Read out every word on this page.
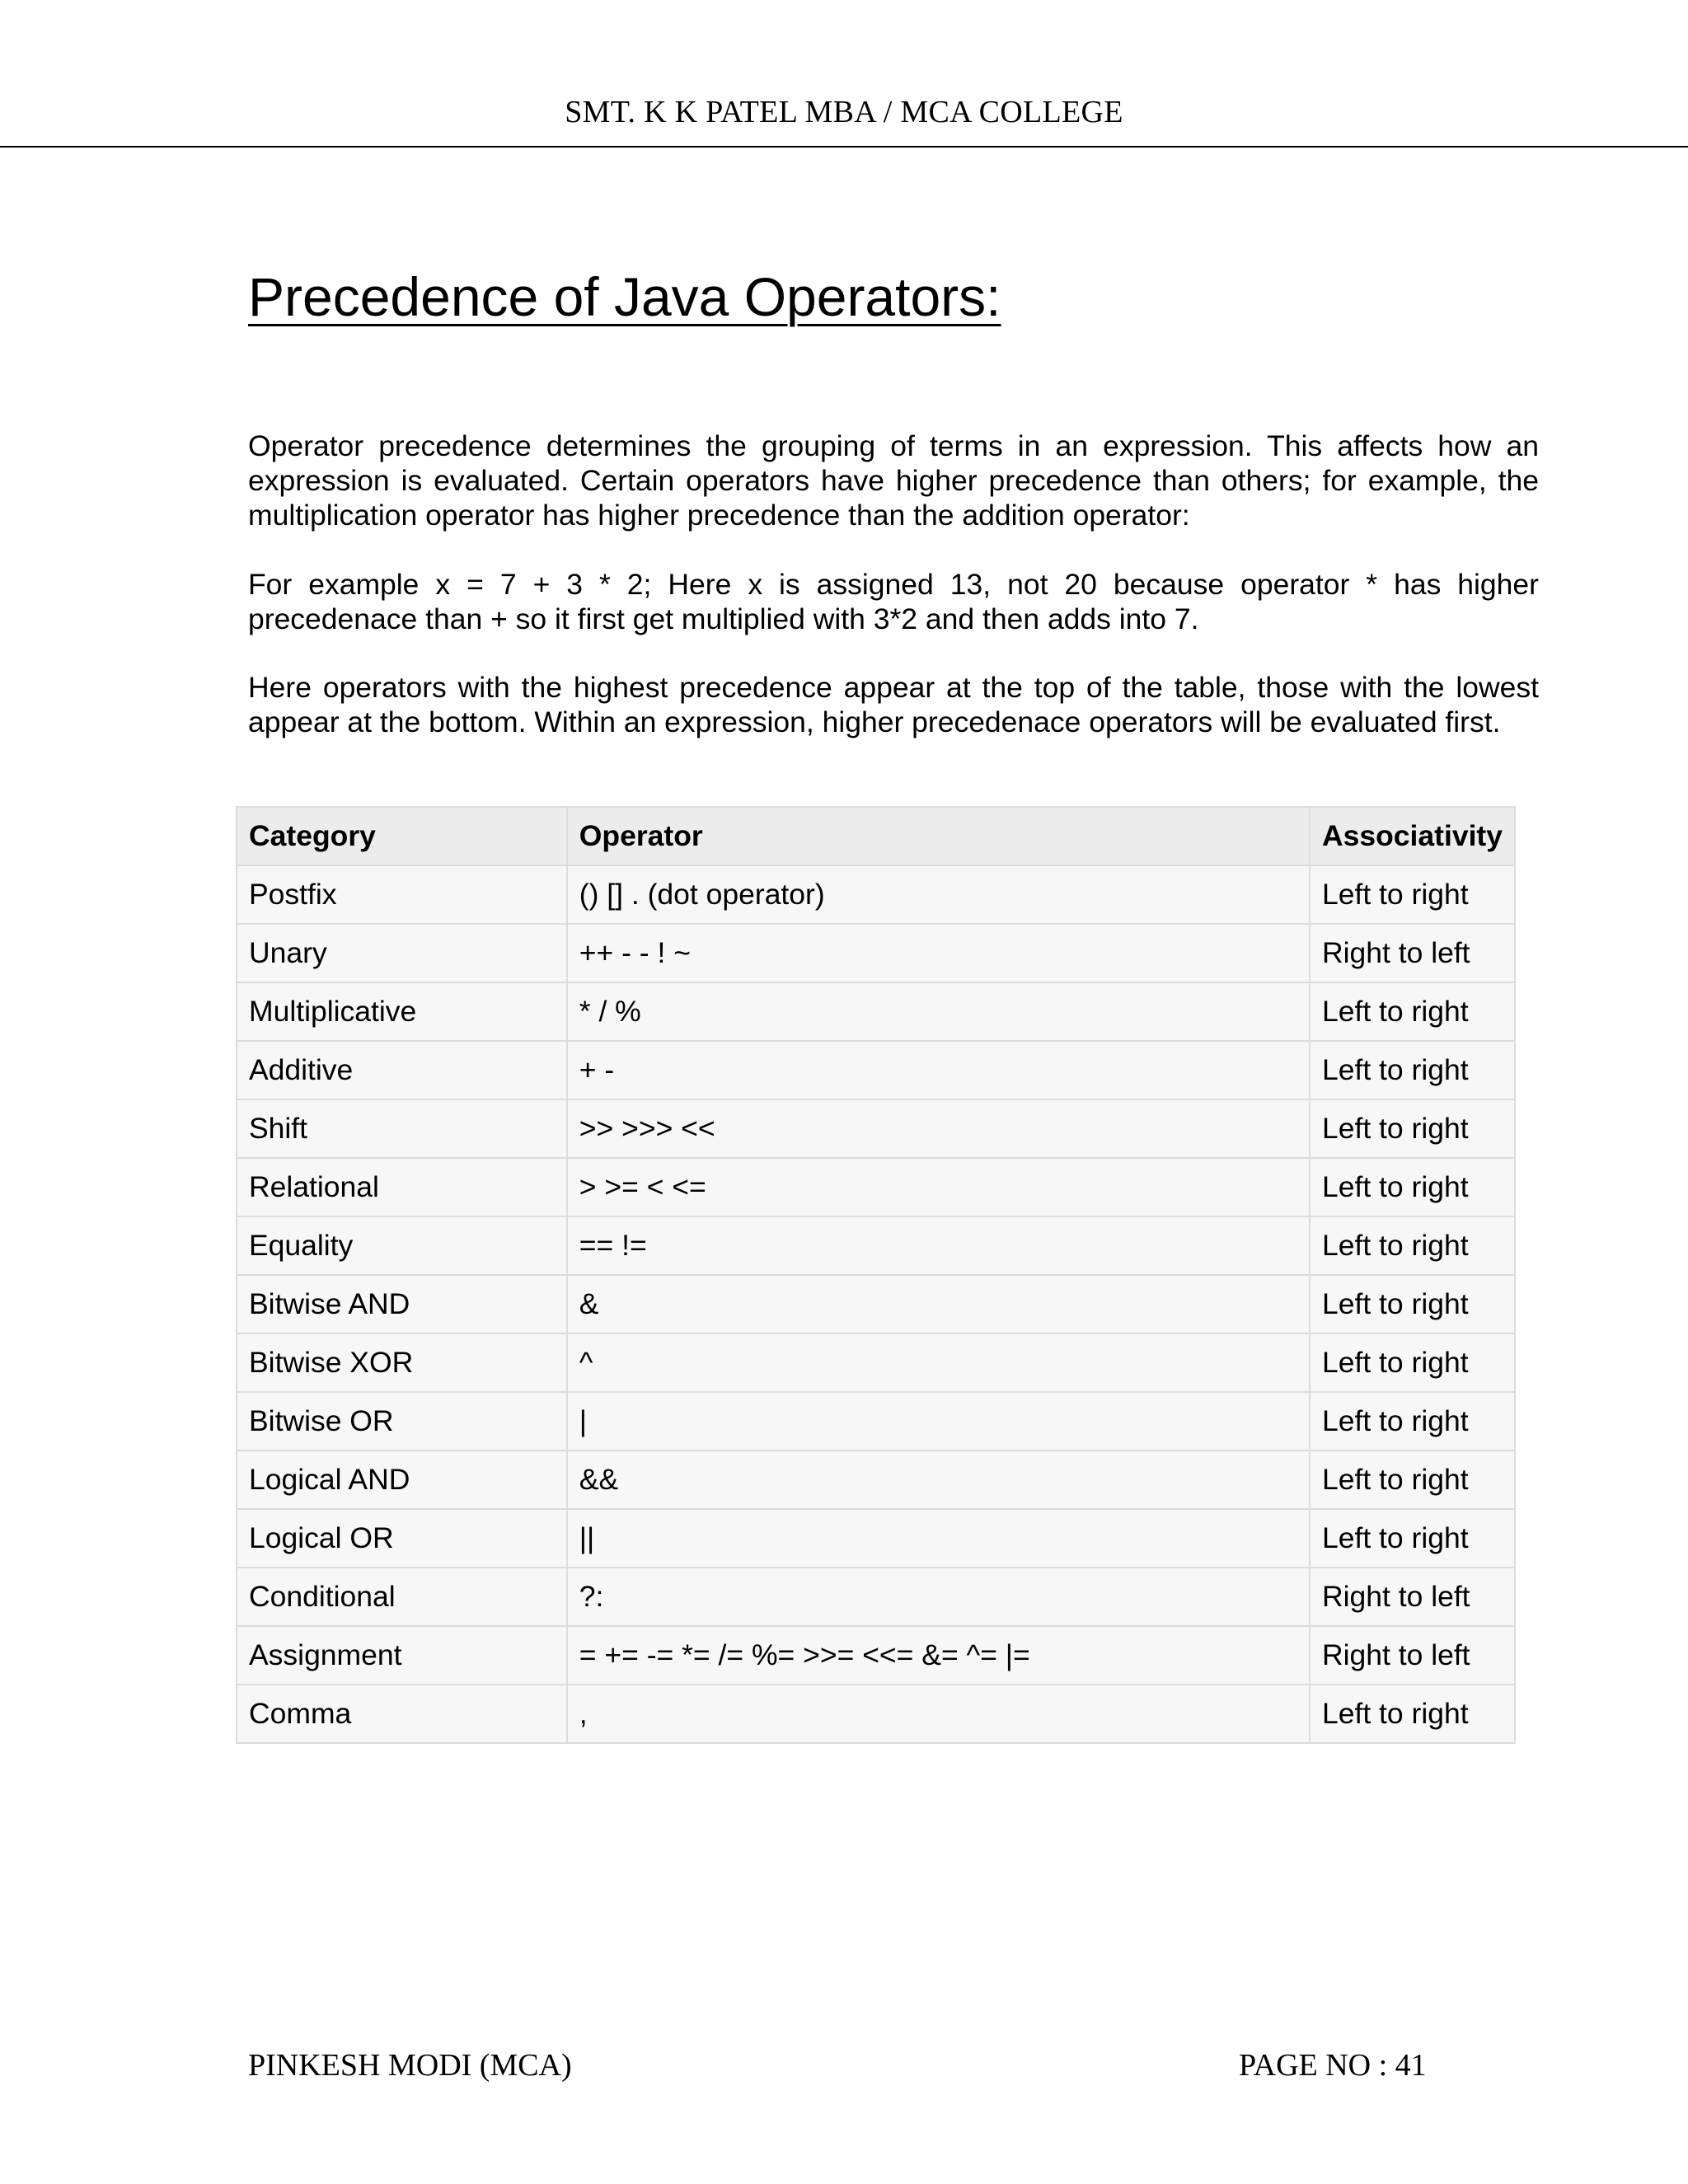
SMT. K K PATEL MBA / MCA COLLEGE
Precedence of Java Operators:

Operator precedence determines the grouping of terms in an expression. This affects how an expression is evaluated. Certain operators have higher precedence than others; for example, the multiplication operator has higher precedence than the addition operator:

For example x = 7 + 3 * 2; Here x is assigned 13, not 20 because operator * has higher precedenace than + so it first get multiplied with 3*2 and then adds into 7.

Here operators with the highest precedence appear at the top of the table, those with the lowest appear at the bottom. Within an expression, higher precedenace operators will be evaluated first.

Category	Operator	Associativity
Postfix	() [] . (dot operator)	Left to right
Unary	++ - - ! ~	Right to left
Multiplicative	* / %	Left to right
Additive	+ -	Left to right
Shift	>> >>> <<	Left to right
Relational	> >= < <=	Left to right
Equality	== !=	Left to right
Bitwise AND	&	Left to right
Bitwise XOR	^	Left to right
Bitwise OR	|	Left to right
Logical AND	&&	Left to right
Logical OR	||	Left to right
Conditional	?:	Right to left
Assignment	= += -= *= /= %= >>= <<= &= ^= |=	Right to left
Comma	,	Left to right
PINKESH MODI (MCA)	PAGE NO : 41
